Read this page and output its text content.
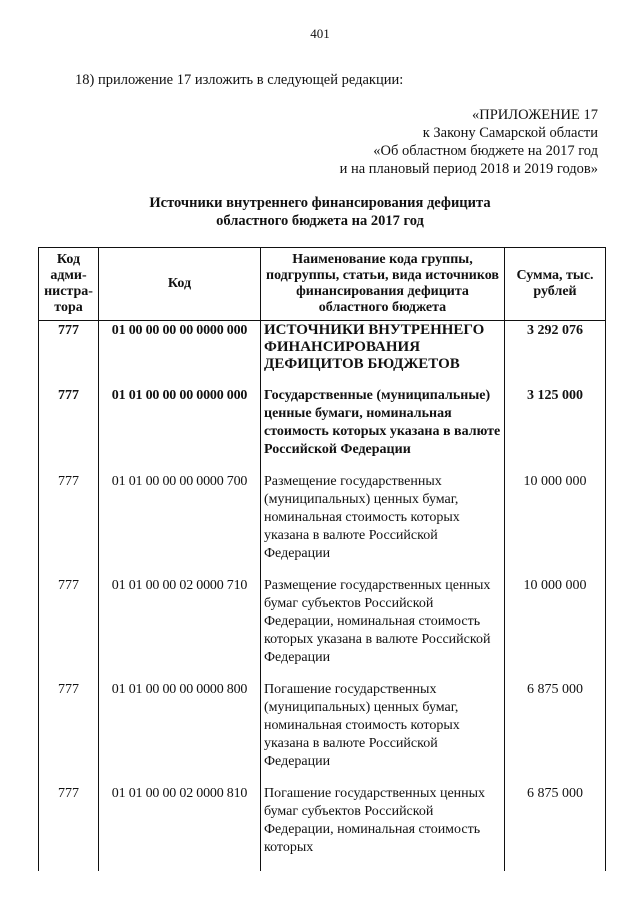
401
18) приложение 17 изложить в следующей редакции:
«ПРИЛОЖЕНИЕ 17
к Закону Самарской области
«Об областном бюджете на 2017 год
и на плановый период 2018 и 2019 годов»
Источники внутреннего финансирования дефицита
областного бюджета на 2017 год
Код адми-нистра-тора	Код	Наименование кода группы, подгруппы, статьи, вида источников финансирования дефицита областного бюджета	Сумма, тыс. рублей
777	01 00 00 00 00 0000 000	ИСТОЧНИКИ ВНУТРЕННЕГО ФИНАНСИРОВАНИЯ ДЕФИЦИТОВ БЮДЖЕТОВ	3 292 076
777	01 01 00 00 00 0000 000	Государственные (муниципальные) ценные бумаги, номинальная стоимость которых указана в валюте Российской Федерации	3 125 000
777	01 01 00 00 00 0000 700	Размещение государственных (муниципальных) ценных бумаг, номинальная стоимость которых указана в валюте Российской Федерации	10 000 000
777	01 01 00 00 02 0000 710	Размещение государственных ценных бумаг субъектов Российской Федерации, номинальная стоимость которых указана в валюте Российской Федерации	10 000 000
777	01 01 00 00 00 0000 800	Погашение государственных (муниципальных) ценных бумаг, номинальная стоимость которых указана в валюте Российской Федерации	6 875 000
777	01 01 00 00 02 0000 810	Погашение государственных ценных бумаг субъектов Российской Федерации, номинальная стоимость которых	6 875 000
